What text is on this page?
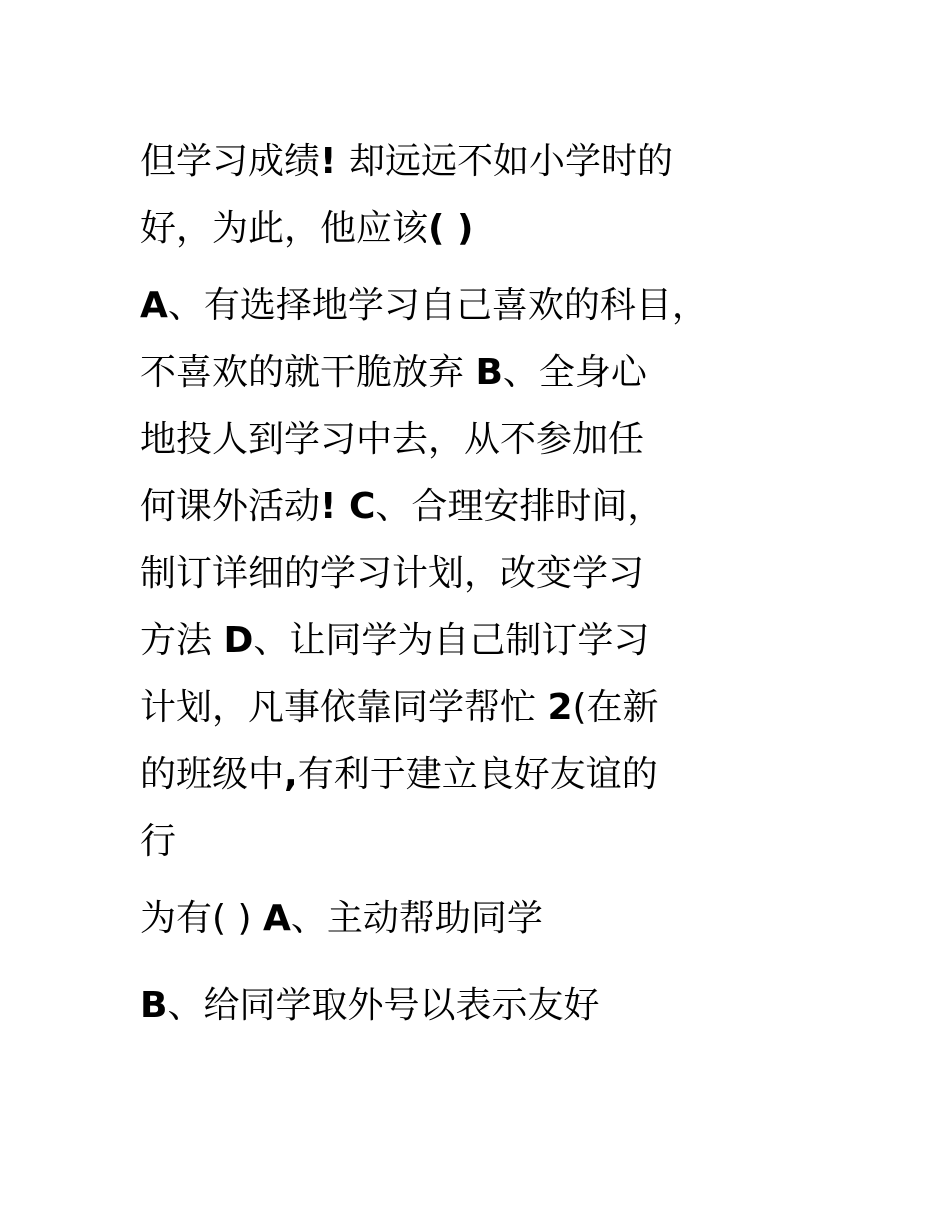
但学习成绩! 却远远不如小学时的
好，为此，他应该( )
A、有选择地学习自己喜欢的科目，
不喜欢的就干脆放弃 B、全身心
地投人到学习中去，从不参加任
何课外活动! C、合理安排时间，
制订详细的学习计划，改变学习
方法 D、让同学为自己制订学习
计划，凡事依靠同学帮忙 2(在新
的班级中,有利于建立良好友谊的
行
为有( ) A、主动帮助同学
B、给同学取外号以表示友好
